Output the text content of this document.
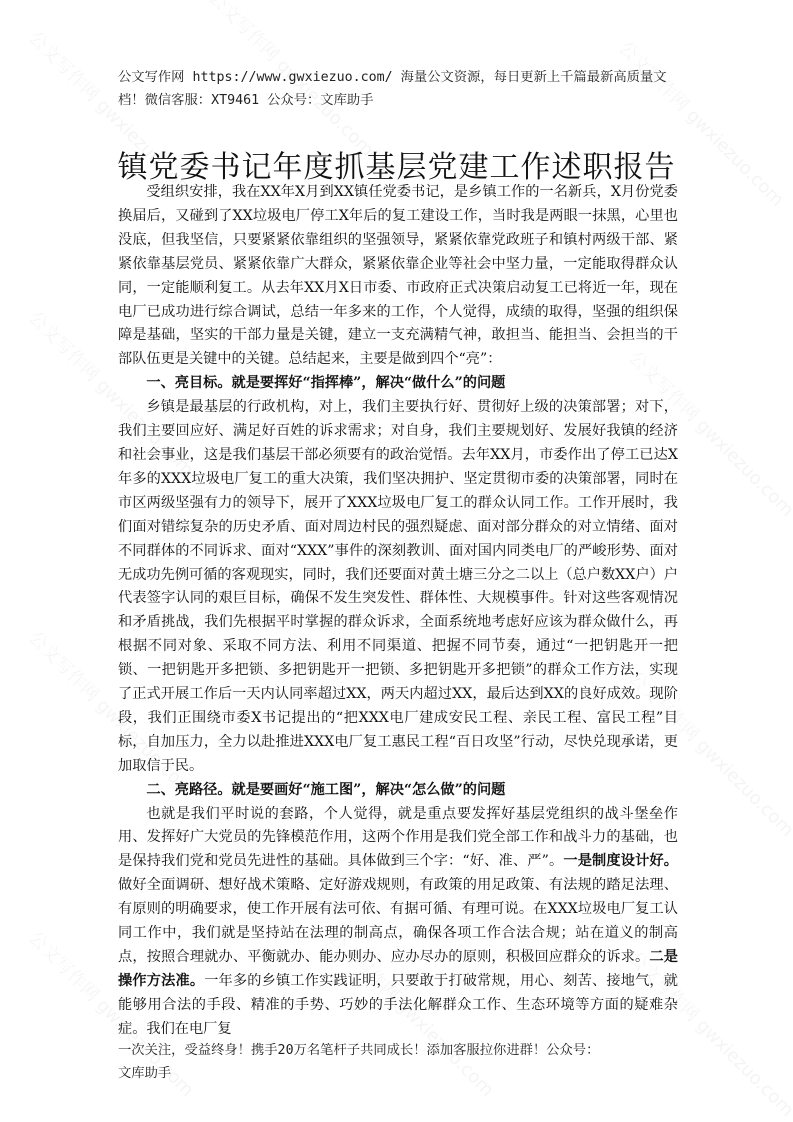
公文写作网 https://www.gwxiezuo.com/ 海量公文资源，每日更新上千篇最新高质量文
档！微信客服：XT9461 公众号：文库助手
镇党委书记年度抓基层党建工作述职报告

受组织安排，我在XX年X月到XX镇任党委书记，是乡镇工作的一名新兵，X月份党委换届后，又碰到了XX垃圾电厂停工X年后的复工建设工作，当时我是两眼一抹黑，心里也没底，但我坚信，只要紧紧依靠组织的坚强领导，紧紧依靠党政班子和镇村两级干部、紧紧依靠基层党员、紧紧依靠广大群众，紧紧依靠企业等社会中坚力量，一定能取得群众认同，一定能顺利复工。从去年XX月X日市委、市政府正式决策启动复工已将近一年，现在电厂已成功进行综合调试，总结一年多来的工作，个人觉得，成绩的取得，坚强的组织保障是基础，坚实的干部力量是关键，建立一支充满精气神，敢担当、能担当、会担当的干部队伍更是关键中的关键。总结起来，主要是做到四个“亮”：

一、亮目标。就是要挥好“指挥棒”，解决“做什么”的问题

乡镇是最基层的行政机构，对上，我们主要执行好、贯彻好上级的决策部署；对下，我们主要回应好、满足好百姓的诉求需求；对自身，我们主要规划好、发展好我镇的经济和社会事业，这是我们基层干部必须要有的政治觉悟。去年XX月，市委作出了停工已达X年多的XXX垃圾电厂复工的重大决策，我们坚决拥护、坚定贯彻市委的决策部署，同时在市区两级坚强有力的领导下，展开了XXX垃圾电厂复工的群众认同工作。工作开展时，我们面对错综复杂的历史矛盾、面对周边村民的强烈疑虑、面对部分群众的对立情绪、面对不同群体的不同诉求、面对“XXX”事件的深刻教训、面对国内同类电厂的严峻形势、面对无成功先例可循的客观现实，同时，我们还要面对黄土塘三分之二以上（总户数XX户）户代表签字认同的艰巨目标，确保不发生突发性、群体性、大规模事件。针对这些客观情况和矛盾挑战，我们先根据平时掌握的群众诉求，全面系统地考虑好应该为群众做什么，再根据不同对象、采取不同方法、利用不同渠道、把握不同节奏，通过“一把钥匙开一把锁、一把钥匙开多把锁、多把钥匙开一把锁、多把钥匙开多把锁”的群众工作方法，实现了正式开展工作后一天内认同率超过XX，两天内超过XX，最后达到XX的良好成效。现阶段，我们正围绕市委X书记提出的“把XXX电厂建成安民工程、亲民工程、富民工程”目标，自加压力，全力以赴推进XXX电厂复工惠民工程“百日攻坚”行动，尽快兑现承诺，更加取信于民。

二、亮路径。就是要画好“施工图”，解决“怎么做”的问题

也就是我们平时说的套路，个人觉得，就是重点要发挥好基层党组织的战斗堡垒作用、发挥好广大党员的先锋模范作用，这两个作用是我们党全部工作和战斗力的基础，也是保持我们党和党员先进性的基础。具体做到三个字：“好、准、严”。一是制度设计好。做好全面调研、想好战术策略、定好游戏规则，有政策的用足政策、有法规的踏足法理、有原则的明确要求，使工作开展有法可依、有据可循、有理可说。在XXX垃圾电厂复工认同工作中，我们就是坚持站在法理的制高点，确保各项工作合法合规；站在道义的制高点，按照合理就办、平衡就办、能办则办、应办尽办的原则，积极回应群众的诉求。二是操作方法准。一年多的乡镇工作实践证明，只要敢于打破常规，用心、刻苦、接地气，就能够用合法的手段、精准的手势、巧妙的手法化解群众工作、生态环境等方面的疑难杂症。我们在电厂复

一次关注，受益终身！携手20万名笔杆子共同成长！添加客服拉你进群！公众号：
文库助手
